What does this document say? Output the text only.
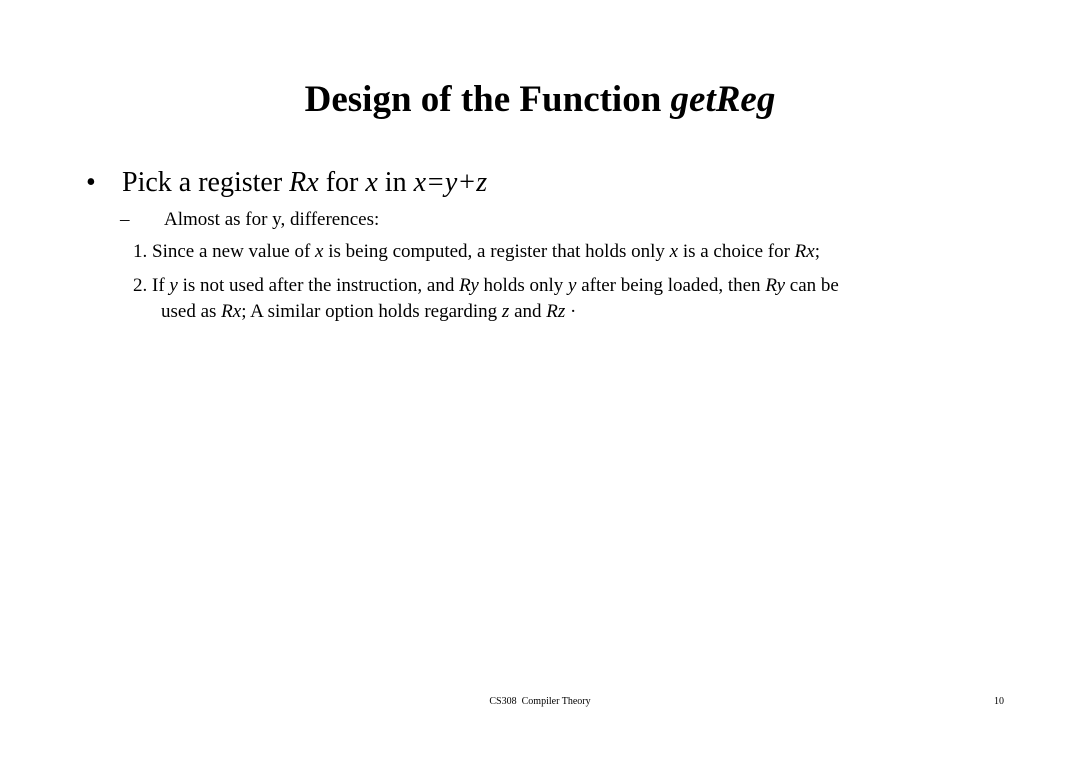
Design of the Function getReg
• Pick a register Rx for x in x=y+z
– Almost as for y, differences:
1. Since a new value of x is being computed, a register that holds only x is a choice for Rx;
2. If y is not used after the instruction, and Ry holds only y after being loaded, then Ry can be
used as Rx; A similar option holds regarding z and Rz ·
CS308  Compiler Theory	10
